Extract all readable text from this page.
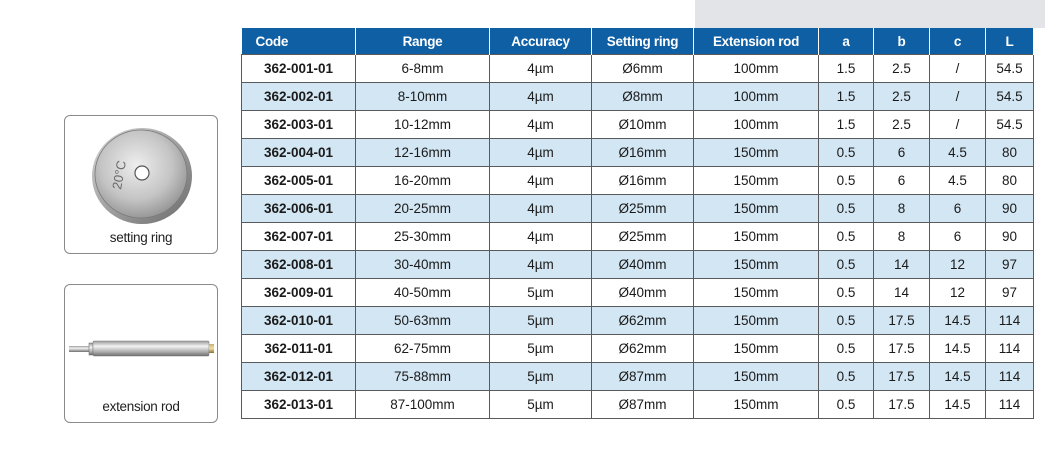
20°C
setting ring
extension rod
Code	Range	Accuracy	Setting ring	Extension rod	a	b	c	L
362-001-01	6-8mm	4µm	Ø6mm	100mm	1.5	2.5	/	54.5
362-002-01	8-10mm	4µm	Ø8mm	100mm	1.5	2.5	/	54.5
362-003-01	10-12mm	4µm	Ø10mm	100mm	1.5	2.5	/	54.5
362-004-01	12-16mm	4µm	Ø16mm	150mm	0.5	6	4.5	80
362-005-01	16-20mm	4µm	Ø16mm	150mm	0.5	6	4.5	80
362-006-01	20-25mm	4µm	Ø25mm	150mm	0.5	8	6	90
362-007-01	25-30mm	4µm	Ø25mm	150mm	0.5	8	6	90
362-008-01	30-40mm	4µm	Ø40mm	150mm	0.5	14	12	97
362-009-01	40-50mm	5µm	Ø40mm	150mm	0.5	14	12	97
362-010-01	50-63mm	5µm	Ø62mm	150mm	0.5	17.5	14.5	114
362-011-01	62-75mm	5µm	Ø62mm	150mm	0.5	17.5	14.5	114
362-012-01	75-88mm	5µm	Ø87mm	150mm	0.5	17.5	14.5	114
362-013-01	87-100mm	5µm	Ø87mm	150mm	0.5	17.5	14.5	114
